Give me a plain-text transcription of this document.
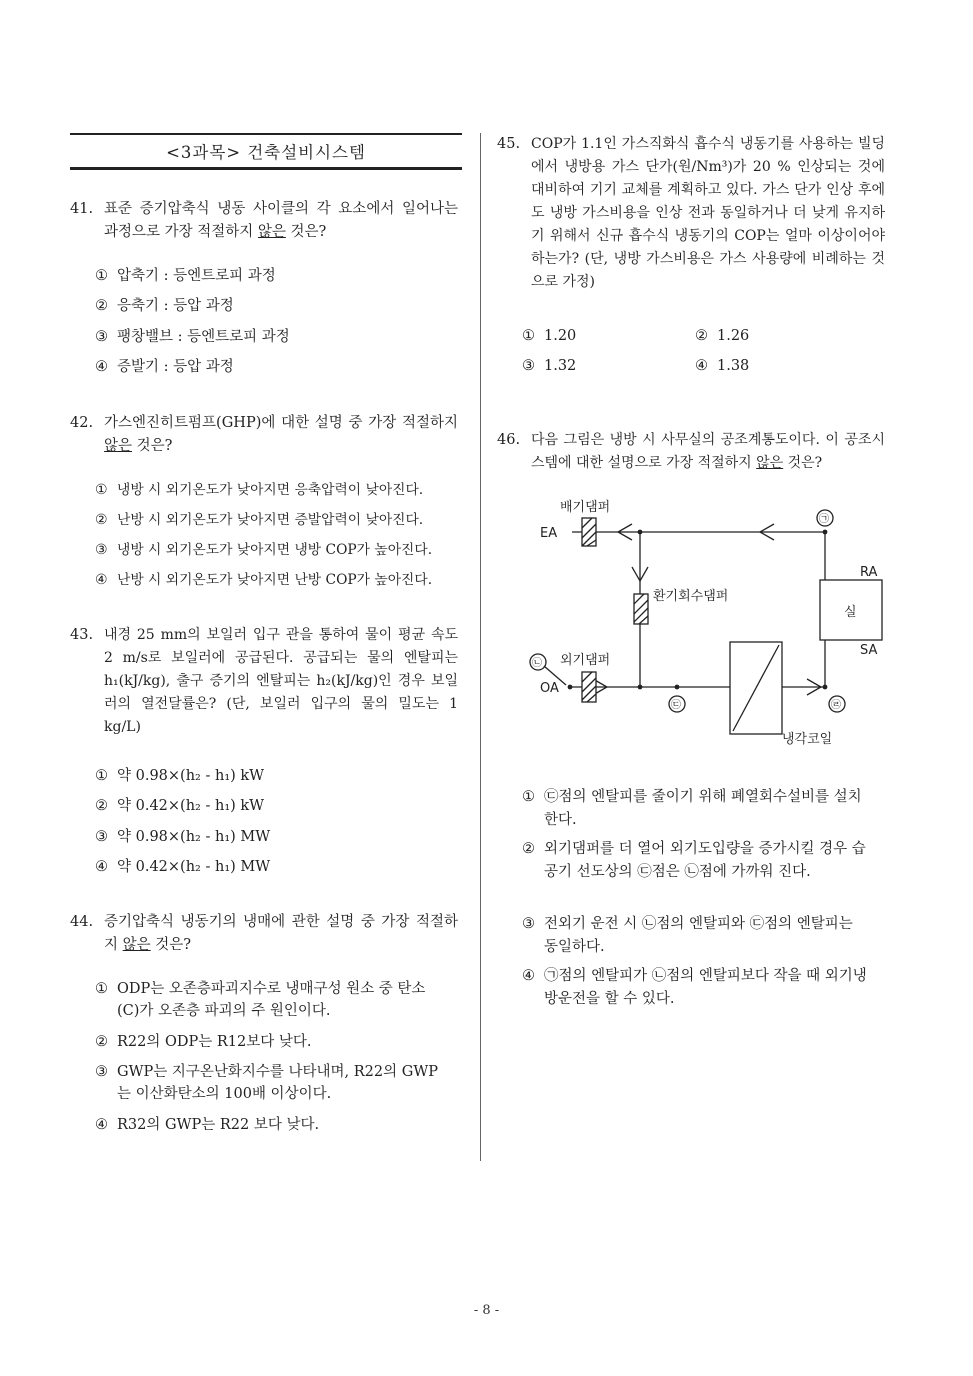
<3과목> 건축설비시스템
41. 표준 증기압축식 냉동 사이클의 각 요소에서 일어나는 과정으로 가장 적절하지 않은 것은?
① 압축기 : 등엔트로피 과정
② 응축기 : 등압 과정
③ 팽창밸브 : 등엔트로피 과정
④ 증발기 : 등압 과정
42. 가스엔진히트펌프(GHP)에 대한 설명 중 가장 적절하지 않은 것은?
① 냉방 시 외기온도가 낮아지면 응축압력이 낮아진다.
② 난방 시 외기온도가 낮아지면 증발압력이 낮아진다.
③ 냉방 시 외기온도가 낮아지면 냉방 COP가 높아진다.
④ 난방 시 외기온도가 낮아지면 난방 COP가 높아진다.
43. 내경 25 mm의 보일러 입구 관을 통하여 물이 평균 속도 2 m/s로 보일러에 공급된다. 공급되는 물의 엔탈피는 h₁(kJ/kg), 출구 증기의 엔탈피는 h₂(kJ/kg)인 경우 보일러의 열전달률은? (단, 보일러 입구의 물의 밀도는 1 kg/L)
① 약 0.98×(h₂ - h₁) kW
② 약 0.42×(h₂ - h₁) kW
③ 약 0.98×(h₂ - h₁) MW
④ 약 0.42×(h₂ - h₁) MW
44. 증기압축식 냉동기의 냉매에 관한 설명 중 가장 적절하지 않은 것은?
① ODP는 오존층파괴지수로 냉매구성 원소 중 탄소(C)가 오존층 파괴의 주 원인이다.
② R22의 ODP는 R12보다 낮다.
③ GWP는 지구온난화지수를 나타내며, R22의 GWP는 이산화탄소의 100배 이상이다.
④ R32의 GWP는 R22 보다 낮다.
45. COP가 1.1인 가스직화식 흡수식 냉동기를 사용하는 빌딩에서 냉방용 가스 단가(원/Nm³)가 20 % 인상되는 것에 대비하여 기기 교체를 계획하고 있다. 가스 단가 인상 후에도 냉방 가스비용을 인상 전과 동일하거나 더 낮게 유지하기 위해서 신규 흡수식 냉동기의 COP는 얼마 이상이어야 하는가? (단, 냉방 가스비용은 가스 사용량에 비례하는 것으로 가정)
① 1.20	② 1.26
③ 1.32	④ 1.38
46. 다음 그림은 냉방 시 사무실의 공조계통도이다. 이 공조시스템에 대한 설명으로 가장 적절하지 않은 것은?
배기댐퍼
EA
환기회수댐퍼
외기댐퍼
OA
RA
실
SA
냉각코일
㉠
㉡
㉢	㉣
① ㉢점의 엔탈피를 줄이기 위해 폐열회수설비를 설치한다.
② 외기댐퍼를 더 열어 외기도입량을 증가시킬 경우 습공기 선도상의 ㉢점은 ㉡점에 가까워 진다.
③ 전외기 운전 시 ㉡점의 엔탈피와 ㉢점의 엔탈피는 동일하다.
④ ㉠점의 엔탈피가 ㉡점의 엔탈피보다 작을 때 외기냉방운전을 할 수 있다.
- 8 -
